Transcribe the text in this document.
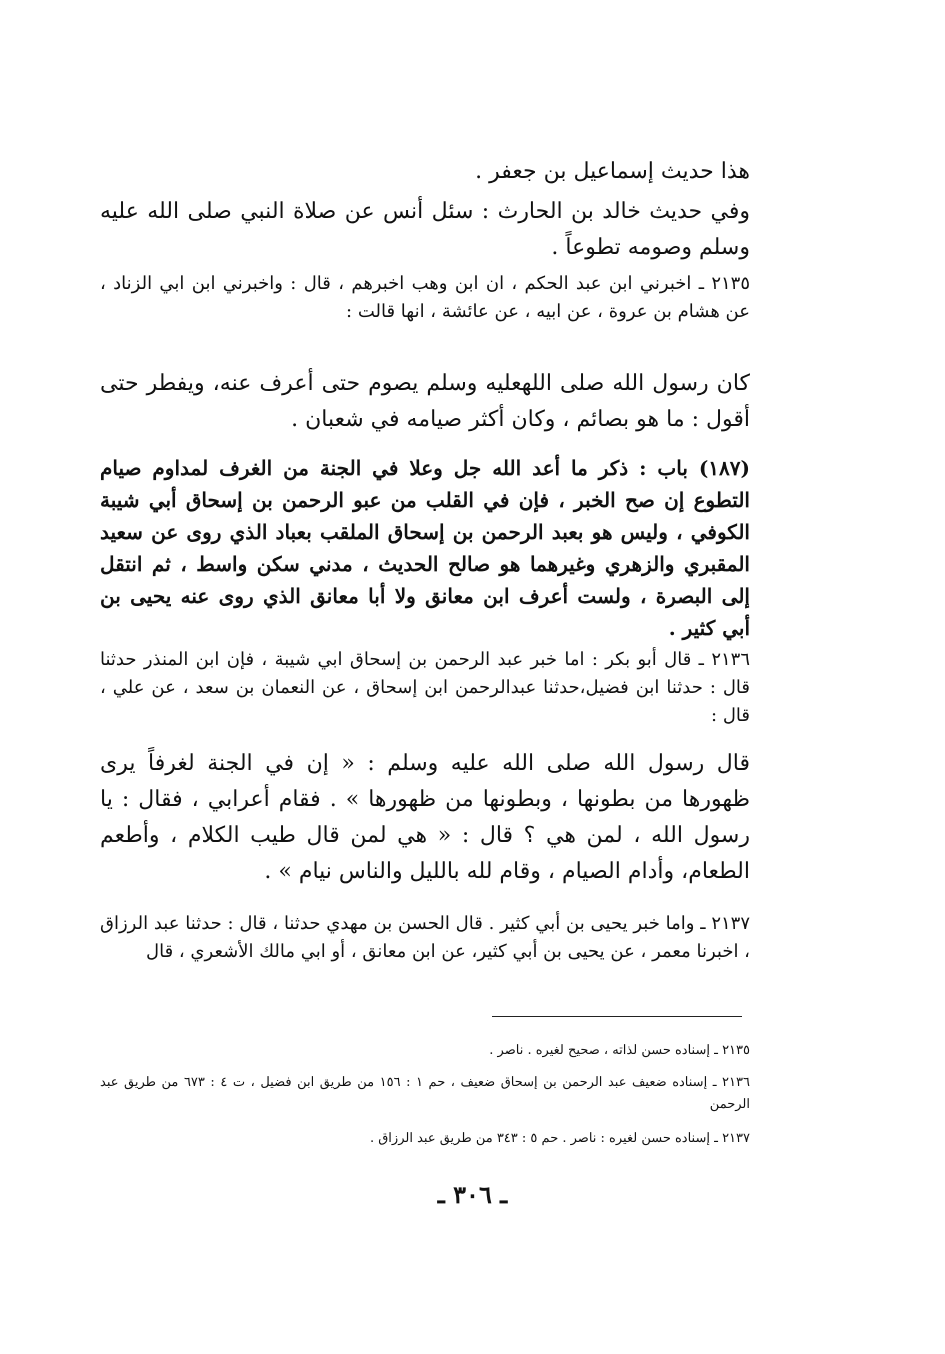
هذا حديث إسماعيل بن جعفر .
وفي حديث خالد بن الحارث : سئل أنس عن صلاة النبي صلى الله عليه وسلم وصومه تطوعاً .
٢١٣٥ ـ اخبرني ابن عبد الحكم ، ان ابن وهب اخبرهم ، قال : واخبرني ابن ابي الزناد ، عن هشام بن عروة ، عن ابيه ، عن عائشة ، انها قالت :
كان رسول الله صلى اللهعليه وسلم يصوم حتى أعرف عنه، ويفطر حتى أقول : ما هو بصائم ، وكان أكثر صيامه في شعبان .
(١٨٧) باب : ذكر ما أعد الله جل وعلا في الجنة من الغرف لمداوم صيام التطوع إن صح الخبر ، فإن في القلب من عبو الرحمن بن إسحاق أبي شيبة الكوفي ، وليس هو بعبد الرحمن بن إسحاق الملقب بعباد الذي روى عن سعيد المقبري والزهري وغيرهما هو صالح الحديث ، مدني سكن واسط ، ثم انتقل إلى البصرة ، ولست أعرف ابن معانق ولا أبا معانق الذي روى عنه يحيى بن أبي كثير .
٢١٣٦ ـ قال أبو بكر : اما خبر عبد الرحمن بن إسحاق ابي شيبة ، فإن ابن المنذر حدثنا قال : حدثنا ابن فضيل،حدثنا عبدالرحمن ابن إسحاق ، عن النعمان بن سعد ، عن علي ، قال :
قال رسول الله صلى الله عليه وسلم : « إن في الجنة لغرفاً يرى ظهورها من بطونها ، وبطونها من ظهورها » . فقام أعرابي ، فقال : يا رسول الله ، لمن هي ؟ قال : « هي لمن قال طيب الكلام ، وأطعم الطعام، وأدام الصيام ، وقام لله بالليل والناس نيام » .
٢١٣٧ ـ واما خبر يحيى بن أبي كثير . قال الحسن بن مهدي حدثنا ، قال : حدثنا عبد الرزاق ، اخبرنا معمر ، عن يحيى بن أبي كثير، عن ابن معانق ، أو ابي مالك الأشعري ، قال
٢١٣٥ ـ إسناده حسن لذاته ، صحيح لغيره . ناصر .
٢١٣٦ ـ إسناده ضعيف عبد الرحمن بن إسحاق ضعيف ، حم ١ : ١٥٦ من طريق ابن فضيل ، ت ٤ : ٦٧٣ من طريق عبد الرحمن
٢١٣٧ ـ إسناده حسن لغيره : ناصر . حم ٥ : ٣٤٣ من طريق عبد الرزاق .
ـ ٣٠٦ ـ
